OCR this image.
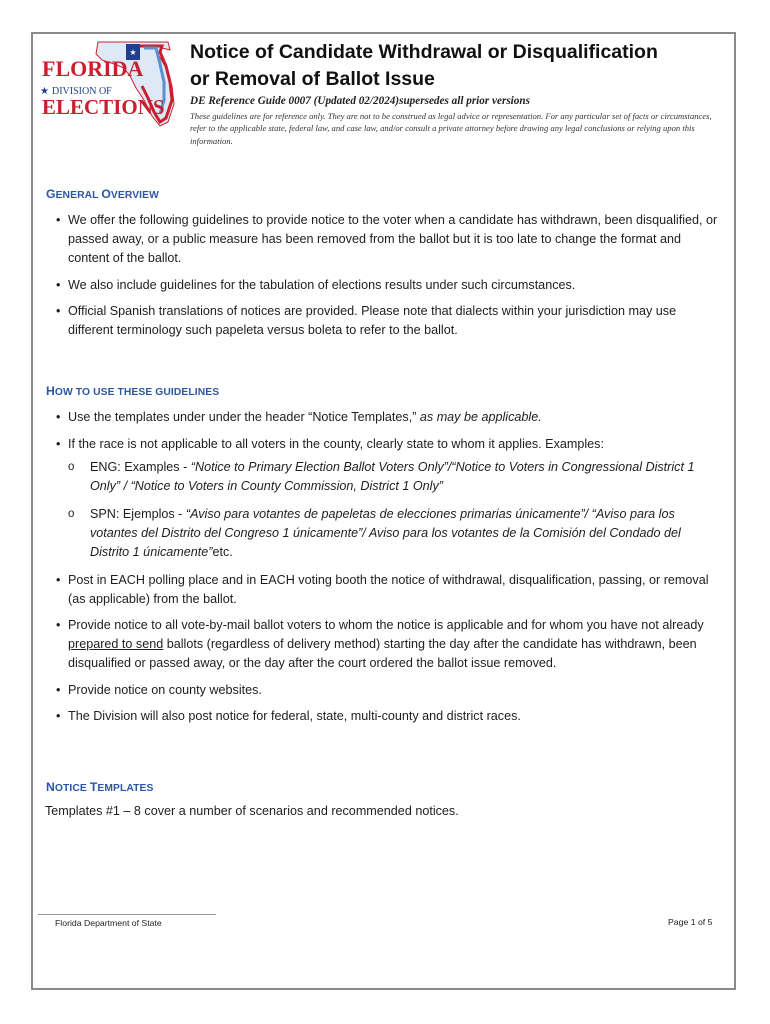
★
FLORIDA
★ DIVISION OF
ELECTIONS
Notice of Candidate Withdrawal or Disqualification
or Removal of Ballot Issue
DE Reference Guide 0007 (Updated 02/2024)supersedes all prior versions

These guidelines are for reference only. They are not to be construed as legal advice or representation. For any particular set of facts or circumstances, refer to the applicable state, federal law, and case law, and/or consult a private attorney before drawing any legal conclusions or relying upon this information.

GENERAL OVERVIEW
• We offer the following guidelines to provide notice to the voter when a candidate has withdrawn, been disqualified, or passed away, or a public measure has been removed from the ballot but it is too late to change the format and content of the ballot.
• We also include guidelines for the tabulation of elections results under such circumstances.
• Official Spanish translations of notices are provided. Please note that dialects within your jurisdiction may use different terminology such papeleta versus boleta to refer to the ballot.
HOW TO USE THESE GUIDELINES
• Use the templates under under the header “Notice Templates,” as may be applicable.
• If the race is not applicable to all voters in the county, clearly state to whom it applies. Examples:
o ENG: Examples - “Notice to Primary Election Ballot Voters Only”/“Notice to Voters in Congressional District 1 Only” / “Notice to Voters in County Commission, District 1 Only”
o SPN: Ejemplos - “Aviso para votantes de papeletas de elecciones primarias únicamente”/ “Aviso para los votantes del Distrito del Congreso 1 únicamente”/ Aviso para los votantes de la Comisión del Condado del Distrito 1 únicamente”etc.
• Post in EACH polling place and in EACH voting booth the notice of withdrawal, disqualification, passing, or removal (as applicable) from the ballot.
• Provide notice to all vote-by-mail ballot voters to whom the notice is applicable and for whom you have not already prepared to send ballots (regardless of delivery method) starting the day after the candidate has withdrawn, been disqualified or passed away, or the day after the court ordered the ballot issue removed.
• Provide notice on county websites.
• The Division will also post notice for federal, state, multi-county and district races.
NOTICE TEMPLATES

Templates #1 – 8 cover a number of scenarios and recommended notices.

Florida Department of State	Page 1 of 5
